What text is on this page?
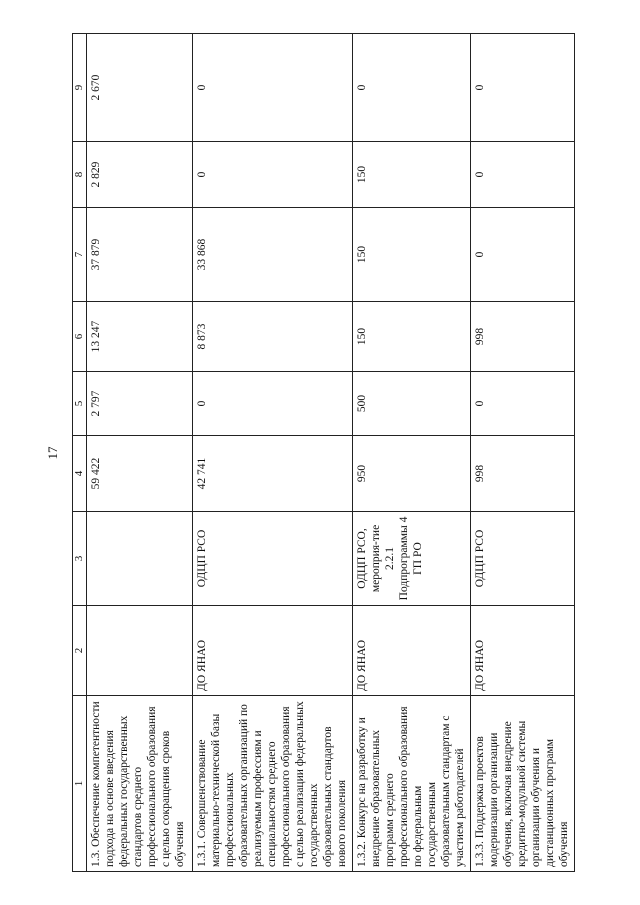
17
1	2	3	4	5	6	7	8	9
1.3. Обеспечение компетентности подхода на основе введения федеральных государственных стандартов среднего профессионального образования с целью сокращения сроков обучения			59 422	2 797	13 247	37 879	2 829	2 670
1.3.1. Совершенствование материально-технической базы профессиональных образовательных организаций по реализуемым профессиям и специальностям среднего профессионального образования с целью реализации федеральных государственных образовательных стандартов нового поколения	ДО ЯНАО	ОДЦП РСО	42 741	0	8 873	33 868	0	0
1.3.2. Конкурс на разработку и внедрение образовательных программ среднего профессионального образования по федеральным государственным образовательным стандартам с участием работодателей	ДО ЯНАО	ОДЦП РСО, мероприя-тие 2.2.1 Подпрограммы 4 ГП РО	950	500	150	150	150	0
1.3.3. Поддержка проектов модернизации организации обучения, включая внедрение кредитно-модульной системы организации обучения и дистанционных программ обучения	ДО ЯНАО	ОДЦП РСО	998	0	998	0	0	0
